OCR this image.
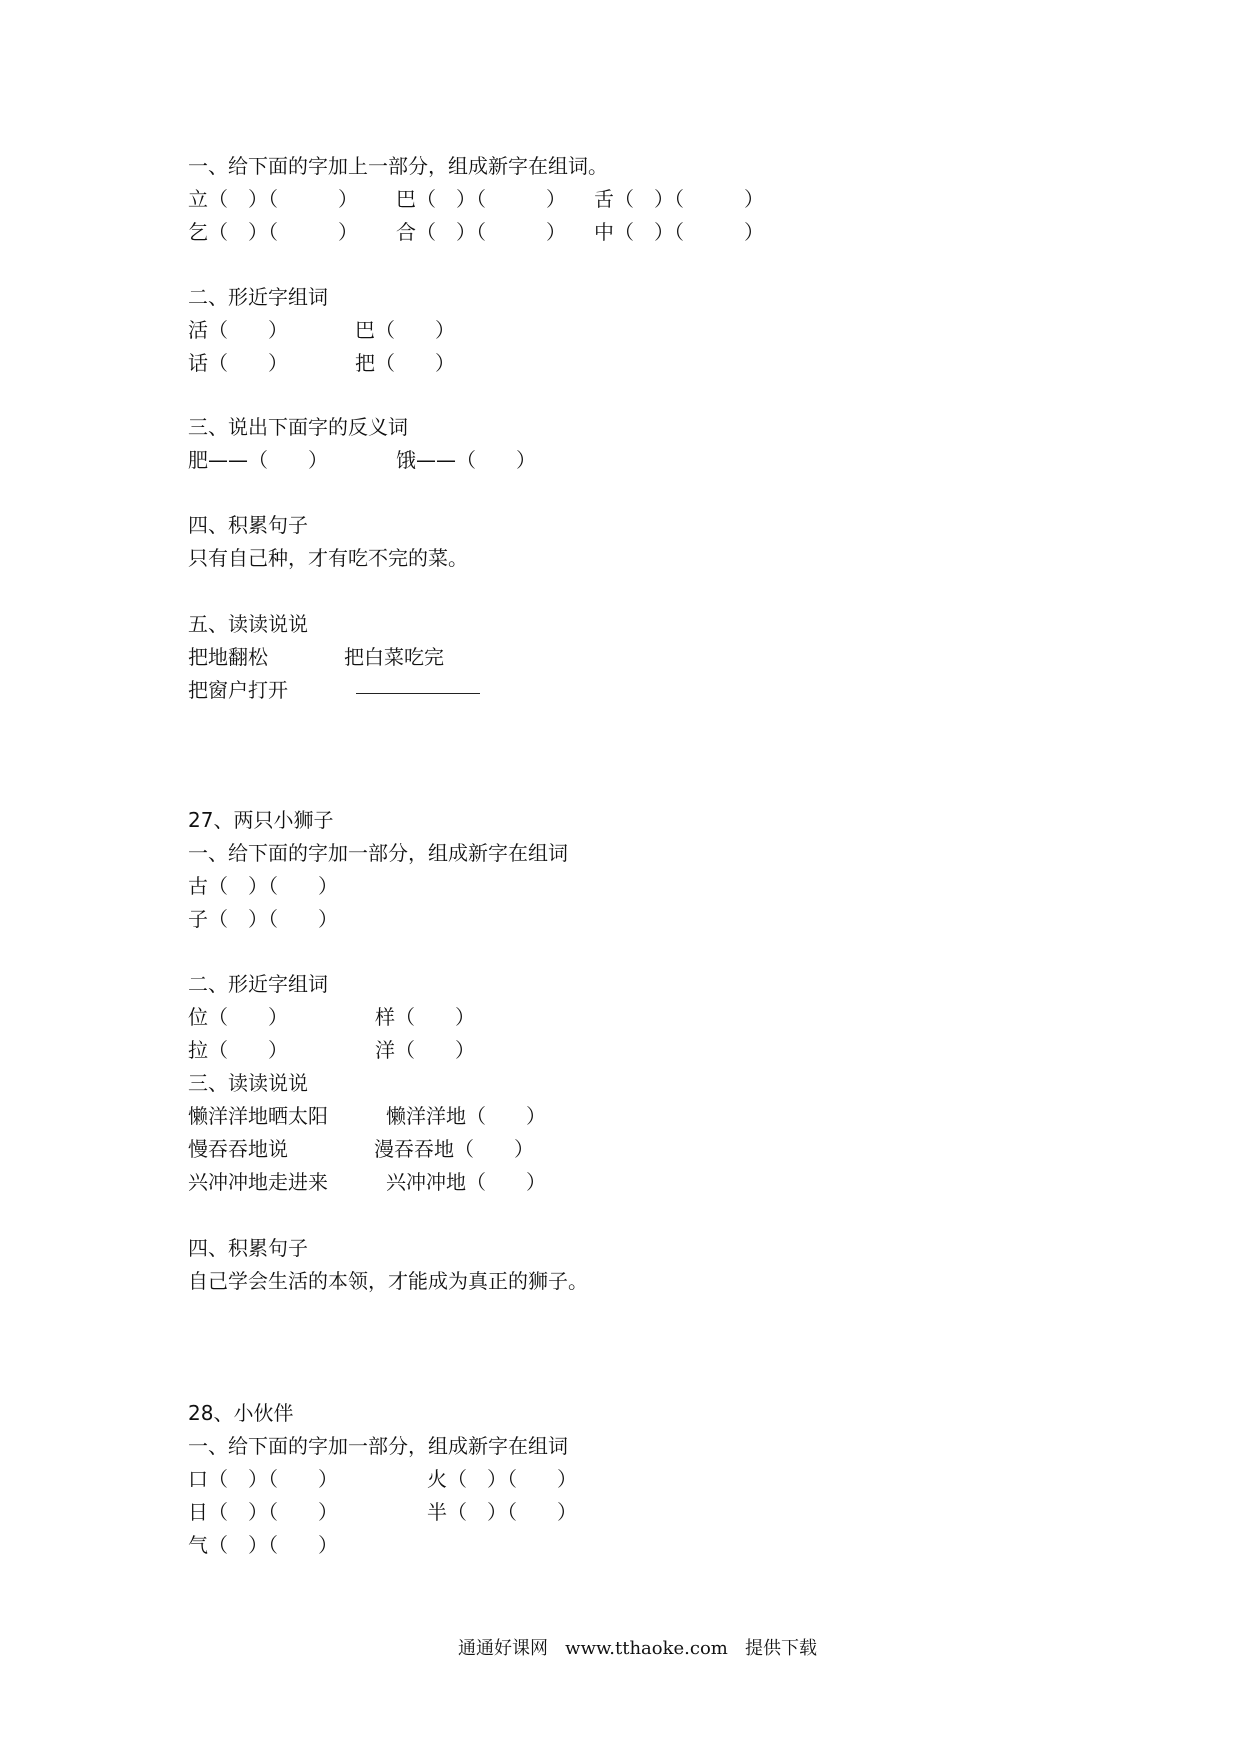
一、给下面的字加上一部分，组成新字在组词。
立（　）（　　　） 巴（　）（　　　） 舌（　）（　　　）
乞（　）（　　　） 合（　）（　　　） 中（　）（　　　）
二、形近字组词
活（　　）	巴（　　）
话（　　）	把（　　）
三、说出下面字的反义词
肥——（　　）	饿——（　　）
四、积累句子
只有自己种，才有吃不完的菜。
五、读读说说
把地翻松	把白菜吃完
把窗户打开
27、两只小狮子
一、给下面的字加一部分，组成新字在组词
古（　）（　　）
子（　）（　　）
二、形近字组词
位（　　）	样（　　）
拉（　　）	洋（　　）
三、读读说说
懒洋洋地晒太阳	懒洋洋地（　　）
慢吞吞地说	漫吞吞地（　　）
兴冲冲地走进来	兴冲冲地（　　）
四、积累句子
自己学会生活的本领，才能成为真正的狮子。
28、小伙伴
一、给下面的字加一部分，组成新字在组词
口（　）（　　）	火（　）（　　）
日（　）（　　）	半（　）（　　）
气（　）（　　）
通通好课网   www.tthaoke.com   提供下载
